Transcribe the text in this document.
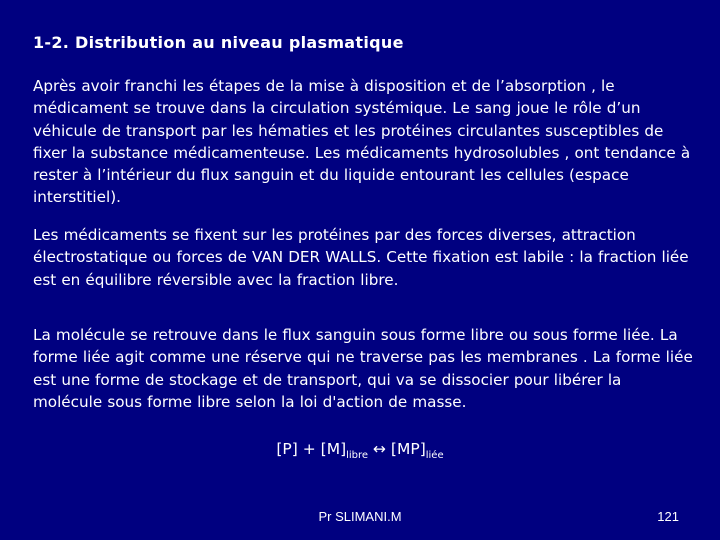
1-2. Distribution au niveau plasmatique

Après avoir franchi les étapes de la mise à disposition et de l’absorption , le médicament se trouve dans la circulation systémique. Le sang joue le rôle d’un véhicule de transport par les hématies et les protéines circulantes susceptibles de fixer la substance médicamenteuse. Les médicaments hydrosolubles , ont tendance à rester à l’intérieur du flux sanguin et du liquide entourant les cellules (espace interstitiel).

Les médicaments se fixent sur les protéines par des forces diverses, attraction électrostatique ou forces de VAN DER WALLS. Cette fixation est labile : la fraction liée est en équilibre réversible avec la fraction libre.

La molécule se retrouve dans le flux sanguin sous forme libre ou sous forme liée. La forme liée agit comme une réserve qui ne traverse pas les membranes . La forme liée est une forme de stockage et de transport, qui va se dissocier pour libérer la molécule sous forme libre selon la loi d'action de masse.

$[P] + [M]_{libre}$ ↔ $[MP]_{liée}$
Pr SLIMANI.M	121
